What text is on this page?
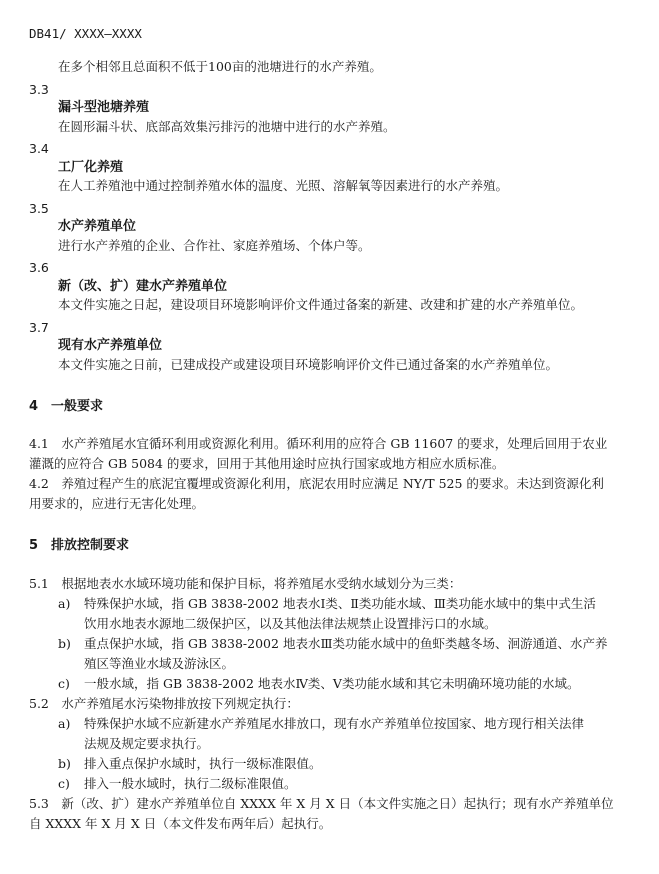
DB41/ XXXX—XXXX
在多个相邻且总面积不低于100亩的池塘进行的水产养殖。
3.3
漏斗型池塘养殖
在圆形漏斗状、底部高效集污排污的池塘中进行的水产养殖。
3.4
工厂化养殖
在人工养殖池中通过控制养殖水体的温度、光照、溶解氧等因素进行的水产养殖。
3.5
水产养殖单位
进行水产养殖的企业、合作社、家庭养殖场、个体户等。
3.6
新（改、扩）建水产养殖单位
本文件实施之日起，建设项目环境影响评价文件通过备案的新建、改建和扩建的水产养殖单位。
3.7
现有水产养殖单位
本文件实施之日前，已建成投产或建设项目环境影响评价文件已通过备案的水产养殖单位。
4　一般要求
4.1　水产养殖尾水宜循环利用或资源化利用。循环利用的应符合 GB 11607 的要求，处理后回用于农业
灌溉的应符合 GB 5084 的要求，回用于其他用途时应执行国家或地方相应水质标准。
4.2　养殖过程产生的底泥宜覆埋或资源化利用，底泥农用时应满足 NY/T 525 的要求。未达到资源化利
用要求的，应进行无害化处理。
5　排放控制要求
5.1　根据地表水水域环境功能和保护目标，将养殖尾水受纳水域划分为三类：
a) 特殊保护水域，指 GB 3838-2002 地表水Ⅰ类、Ⅱ类功能水域、Ⅲ类功能水域中的集中式生活
饮用水地表水源地二级保护区，以及其他法律法规禁止设置排污口的水域。
b) 重点保护水域，指 GB 3838-2002 地表水Ⅲ类功能水域中的鱼虾类越冬场、洄游通道、水产养
殖区等渔业水域及游泳区。
c) 一般水域，指 GB 3838-2002 地表水Ⅳ类、Ⅴ类功能水域和其它未明确环境功能的水域。
5.2　水产养殖尾水污染物排放按下列规定执行：
a) 特殊保护水域不应新建水产养殖尾水排放口，现有水产养殖单位按国家、地方现行相关法律
法规及规定要求执行。
b) 排入重点保护水域时，执行一级标准限值。
c) 排入一般水域时，执行二级标准限值。
5.3　新（改、扩）建水产养殖单位自 XXXX 年 X 月 X 日（本文件实施之日）起执行；现有水产养殖单位
自 XXXX 年 X 月 X 日（本文件发布两年后）起执行。
